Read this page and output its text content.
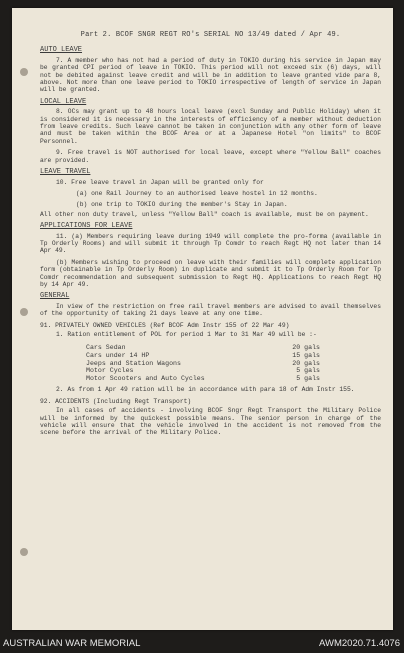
Part 2. BCOF SNGR REGT RO's SERIAL NO 13/49 dated / Apr 49.
AUTO LEAVE

7. A member who has not had a period of duty in TOKIO during his service in Japan may be granted CPI period of leave in TOKIO. This period will not exceed six (6) days, will not be debited against leave credit and will be in addition to leave granted vide para 8, above. Not more than one leave period to TOKIO irrespective of length of service in Japan will be granted.

LOCAL LEAVE

8. OCs may grant up to 48 hours local leave (excl Sunday and Public Holiday) when it is considered it is necessary in the interests of efficiency of a member without deduction from leave credits. Such leave cannot be taken in conjunction with any other form of leave and must be taken within the BCOF Area or at a Japanese Hotel "on limits" to BCOF Personnel.

9. Free travel is NOT authorised for local leave, except where "Yellow Ball" coaches are provided.

LEAVE TRAVEL

10. Free leave travel in Japan will be granted only for

(a) one Rail Journey to an authorised leave hostel in 12 months.
(b) one trip to TOKIO during the member's Stay in Japan.

All other non duty travel, unless "Yellow Ball" coach is available, must be on payment.

APPLICATIONS FOR LEAVE

11. (a) Members requiring leave during 1949 will complete the pro-forma (available in Tp Orderly Rooms) and will submit it through Tp Comdr to reach Regt HQ not later than 14 Apr 49.

(b) Members wishing to proceed on leave with their families will complete application form (obtainable in Tp Orderly Room) in duplicate and submit it to Tp Orderly Room for Tp Comdr recommendation and subsequent submission to Regt HQ. Applications to reach Regt HQ by 14 Apr 49.

GENERAL

In view of the restriction on free rail travel members are advised to avail themselves of the opportunity of taking 21 days leave at any one time.

91. PRIVATELY OWNED VEHICLES (Ref BCOF Adm Instr 155 of 22 Mar 49)

1. Ration entitlement of POL for period 1 Mar to 31 Mar 49 will be :-

Cars Sedan	20 gals
Cars under 14 HP	15 gals
Jeeps and Station Wagons	20 gals
Motor Cycles	5 gals
Motor Scooters and Auto Cycles	5 gals

2. As from 1 Apr 49 ration will be in accordance with para 18 of Adm Instr 155.

92. ACCIDENTS (Including Regt Transport)

In all cases of accidents - involving BCOF Sngr Regt Transport the Military Police will be informed by the quickest possible means. The senior person in charge of the vehicle will ensure that the vehicle involved in the accident is not removed from the scene before the arrival of the Military Police.

AUSTRALIAN WAR MEMORIAL	AWM2020.71.4076
